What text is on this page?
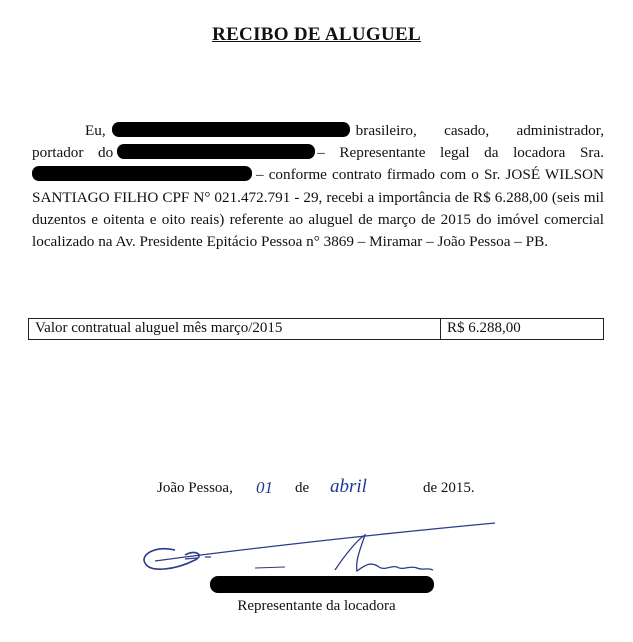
RECIBO DE ALUGUEL
Eu,	brasileiro, casado, administrador, portador do	– Representante legal da locadora Sra. – conforme contrato firmado com o Sr. JOSÉ WILSON SANTIAGO FILHO CPF N° 021.472.791 - 29, recebi a importância de R$ 6.288,00 (seis mil duzentos e oitenta e oito reais) referente ao aluguel de março de 2015 do imóvel comercial localizado na Av. Presidente Epitácio Pessoa n° 3869 – Miramar – João Pessoa – PB.
Valor contratual aluguel mês março/2015	R$ 6.288,00
João Pessoa, 01 de abril	de 2015.
Representante da locadora
